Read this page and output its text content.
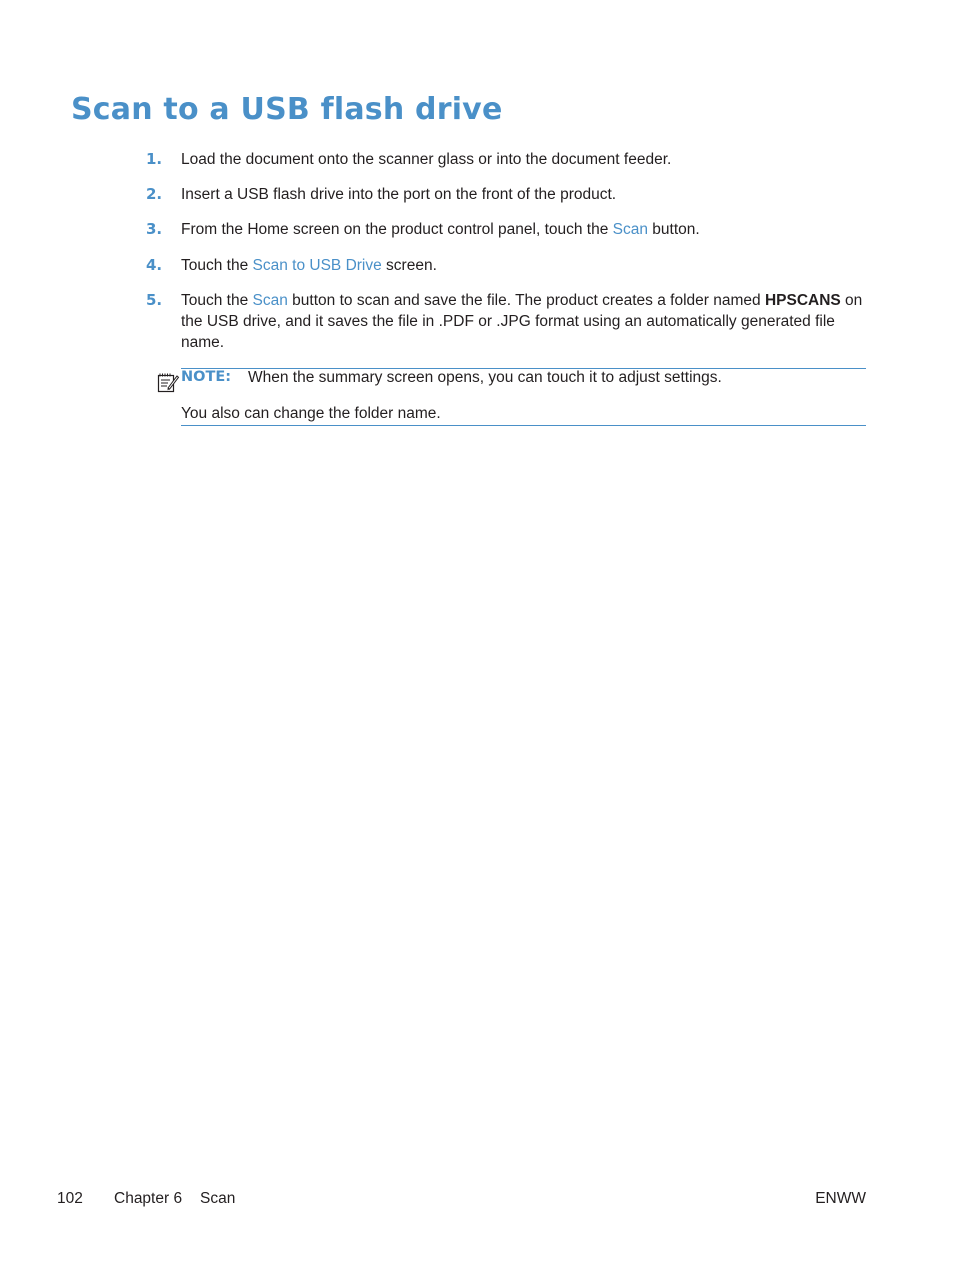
Scan to a USB flash drive
1.	Load the document onto the scanner glass or into the document feeder.
2.	Insert a USB flash drive into the port on the front of the product.
3.	From the Home screen on the product control panel, touch the Scan button.
4.	Touch the Scan to USB Drive screen.
5.	Touch the Scan button to scan and save the file. The product creates a folder named HPSCANS on the USB drive, and it saves the file in .PDF or .JPG format using an automatically generated file name.
NOTE: When the summary screen opens, you can touch it to adjust settings.
You also can change the folder name.
102 Chapter 6 Scan	ENWW
